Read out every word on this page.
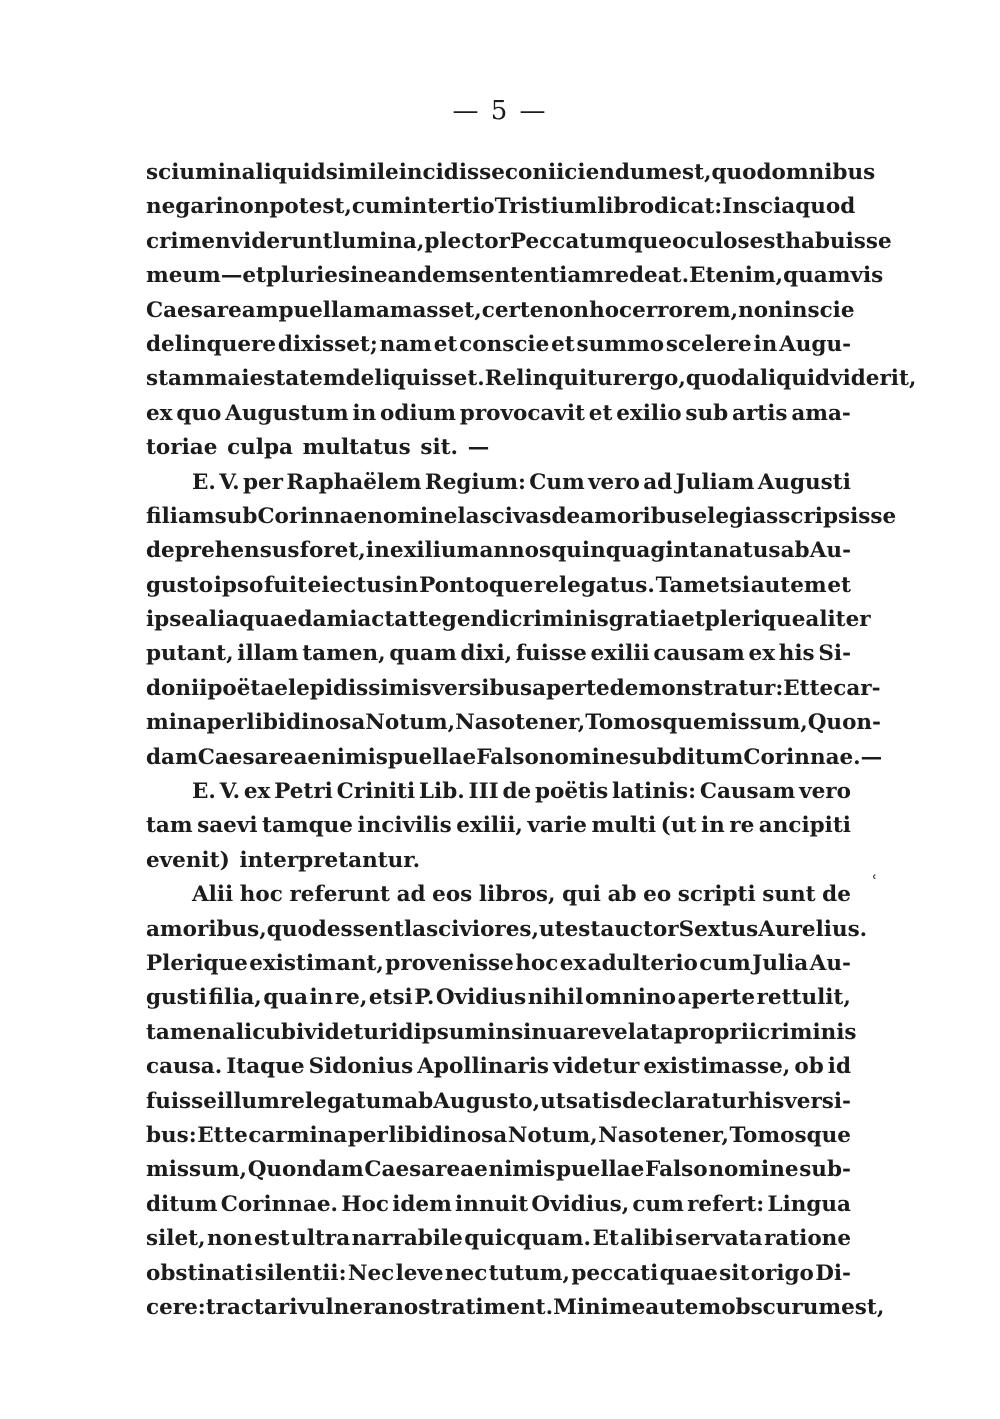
— 5 —
ʿ
scium in aliquid simile incidisse coniiciendum est, quod omnibus
negari non potest, cum in tertio Tristium libro dicat: Inscia quod
crimen viderunt lumina, plector Peccatumque oculos est habuisse
meum — et pluries in eandem sententiam redeat. Etenim, quamvis
Caesaream puellam amasset, certe non hoc errorem, non inscie
delinquere dixisset; nam et conscie et summo scelere in Augu-
stam maiestatem deliquisset. Relinquitur ergo, quod aliquid viderit,
ex quo Augustum in odium provocavit et exilio sub artis ama-
toriae culpa multatus sit. —
E. V. per Raphaëlem Regium: Cum vero ad Juliam Augusti
filiam sub Corinnae nomine lascivas de amoribus elegias scripsisse
deprehensus foret, in exilium annos quinquaginta natus ab Au-
gusto ipso fuit eiectus in Pontoque relegatus. Tametsi autem et
ipse alia quaedam iactat tegendi criminis gratia et plerique aliter
putant, illam tamen, quam dixi, fuisse exilii causam ex his Si-
donii poëtae lepidissimis versibus aperte demonstratur: Et te car-
mina per libidinosa Notum, Naso tener, Tomosque missum, Quon-
dam Caesareae nimis puellae Falso nomine subditum Corinnae. —
E. V. ex Petri Criniti Lib. III de poëtis latinis: Causam vero
tam saevi tamque incivilis exilii, varie multi (ut in re ancipiti
evenit) interpretantur.
Alii hoc referunt ad eos libros, qui ab eo scripti sunt de
amoribus, quod essent lasciviores, ut est auctor Sextus Aurelius.
Plerique existimant, provenisse hoc ex adulterio cum Julia Au-
gusti filia, qua in re, etsi P. Ovidius nihil omnino aperte rettulit,
tamen alicubi videtur idipsum insinuare velata proprii criminis
causa. Itaque Sidonius Apollinaris videtur existimasse, ob id
fuisse illum relegatum ab Augusto, ut satis declaratur his versi-
bus: Et te carmina per libidinosa Notum, Naso tener, Tomosque
missum, Quondam Caesareae nimis puellae Falso nomine sub-
ditum Corinnae. Hoc idem innuit Ovidius, cum refert: Lingua
silet, non est ultra narrabile quicquam. Et alibi servata ratione
obstinati silentii: Nec leve nec tutum, peccati quae sit origo Di-
cere: tractari vulnera nostra timent. Minime autem obscurum est,
